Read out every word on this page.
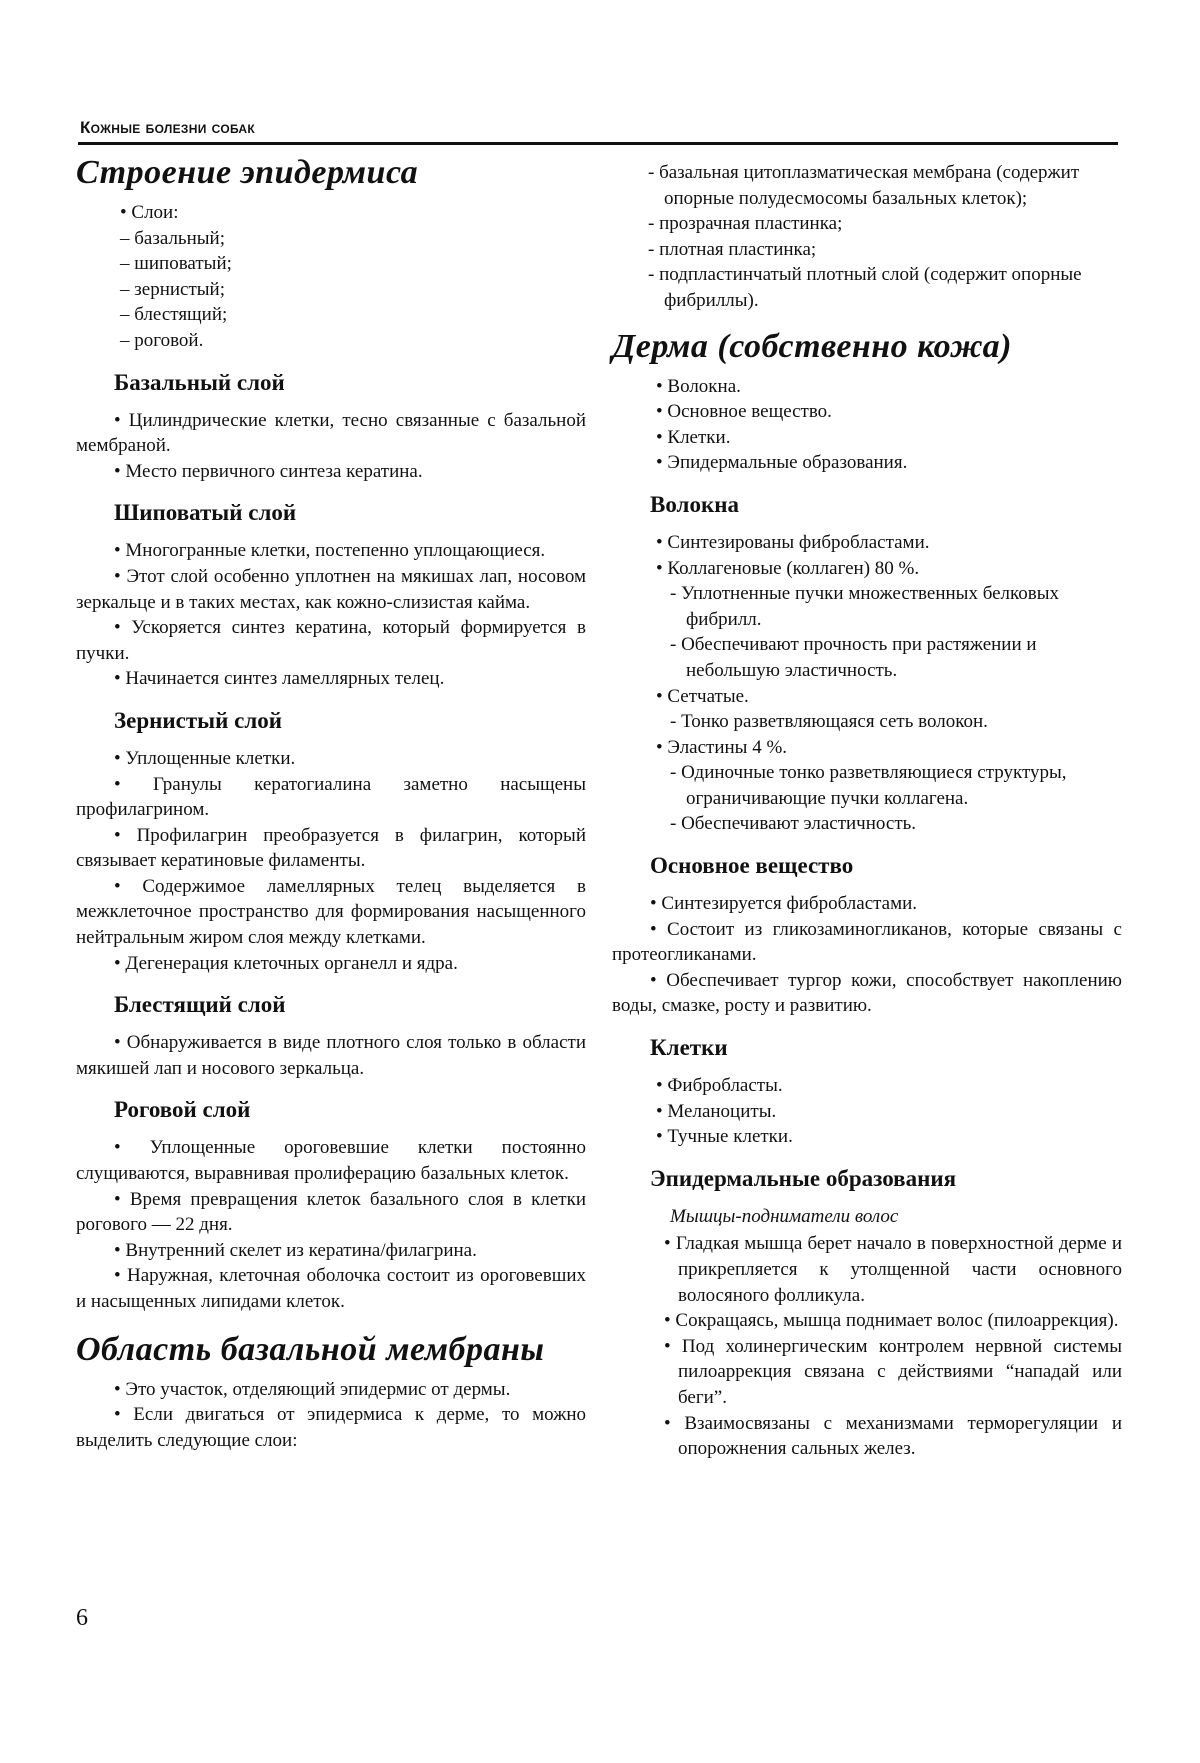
Кожные болезни собак
Строение эпидермиса
• Слои:
– базальный;
– шиповатый;
– зернистый;
– блестящий;
– роговой.
Базальный слой

• Цилиндрические клетки, тесно связанные с базальной мембраной.

• Место первичного синтеза кератина.

Шиповатый слой

• Многогранные клетки, постепенно уплощающиеся.

• Этот слой особенно уплотнен на мякишах лап, носовом зеркальце и в таких местах, как кожно-слизистая кайма.

• Ускоряется синтез кератина, который формируется в пучки.

• Начинается синтез ламеллярных телец.

Зернистый слой

• Уплощенные клетки.

• Гранулы кератогиалина заметно насыщены профилагрином.

• Профилагрин преобразуется в филагрин, который связывает кератиновые филаменты.

• Содержимое ламеллярных телец выделяется в межклеточное пространство для формирования насыщенного нейтральным жиром слоя между клетками.

• Дегенерация клеточных органелл и ядра.

Блестящий слой

• Обнаруживается в виде плотного слоя только в области мякишей лап и носового зеркальца.

Роговой слой

• Уплощенные ороговевшие клетки постоянно слущиваются, выравнивая пролиферацию базальных клеток.

• Время превращения клеток базального слоя в клетки рогового — 22 дня.

• Внутренний скелет из кератина/филагрина.

• Наружная, клеточная оболочка состоит из ороговевших и насыщенных липидами клеток.

Область базальной мембраны

• Это участок, отделяющий эпидермис от дермы.

• Если двигаться от эпидермиса к дерме, то можно выделить следующие слои:

- базальная цитоплазматическая мембрана (содержит опорные полудесмосомы базальных клеток);

- прозрачная пластинка;

- плотная пластинка;

- подпластинчатый плотный слой (содержит опорные фибриллы).

Дерма (собственно кожа)

• Волокна.

• Основное вещество.

• Клетки.

• Эпидермальные образования.

Волокна

• Синтезированы фибробластами.

• Коллагеновые (коллаген) 80 %.

- Уплотненные пучки множественных белковых фибрилл.

- Обеспечивают прочность при растяжении и небольшую эластичность.

• Сетчатые.

- Тонко разветвляющаяся сеть волокон.

• Эластины 4 %.

- Одиночные тонко разветвляющиеся структуры, ограничивающие пучки коллагена.

- Обеспечивают эластичность.

Основное вещество

• Синтезируется фибробластами.

• Состоит из гликозаминогликанов, которые связаны с протеогликанами.

• Обеспечивает тургор кожи, способствует накоплению воды, смазке, росту и развитию.

Клетки

• Фибробласты.

• Меланоциты.

• Тучные клетки.

Эпидермальные образования
Мышцы-подниматели волос

• Гладкая мышца берет начало в поверхностной дерме и прикрепляется к утолщенной части основного волосяного фолликула.

• Сокращаясь, мышца поднимает волос (пилоаррекция).

• Под холинергическим контролем нервной системы пилоаррекция связана с действиями “нападай или беги”.

• Взаимосвязаны с механизмами терморегуляции и опорожнения сальных желез.

6
